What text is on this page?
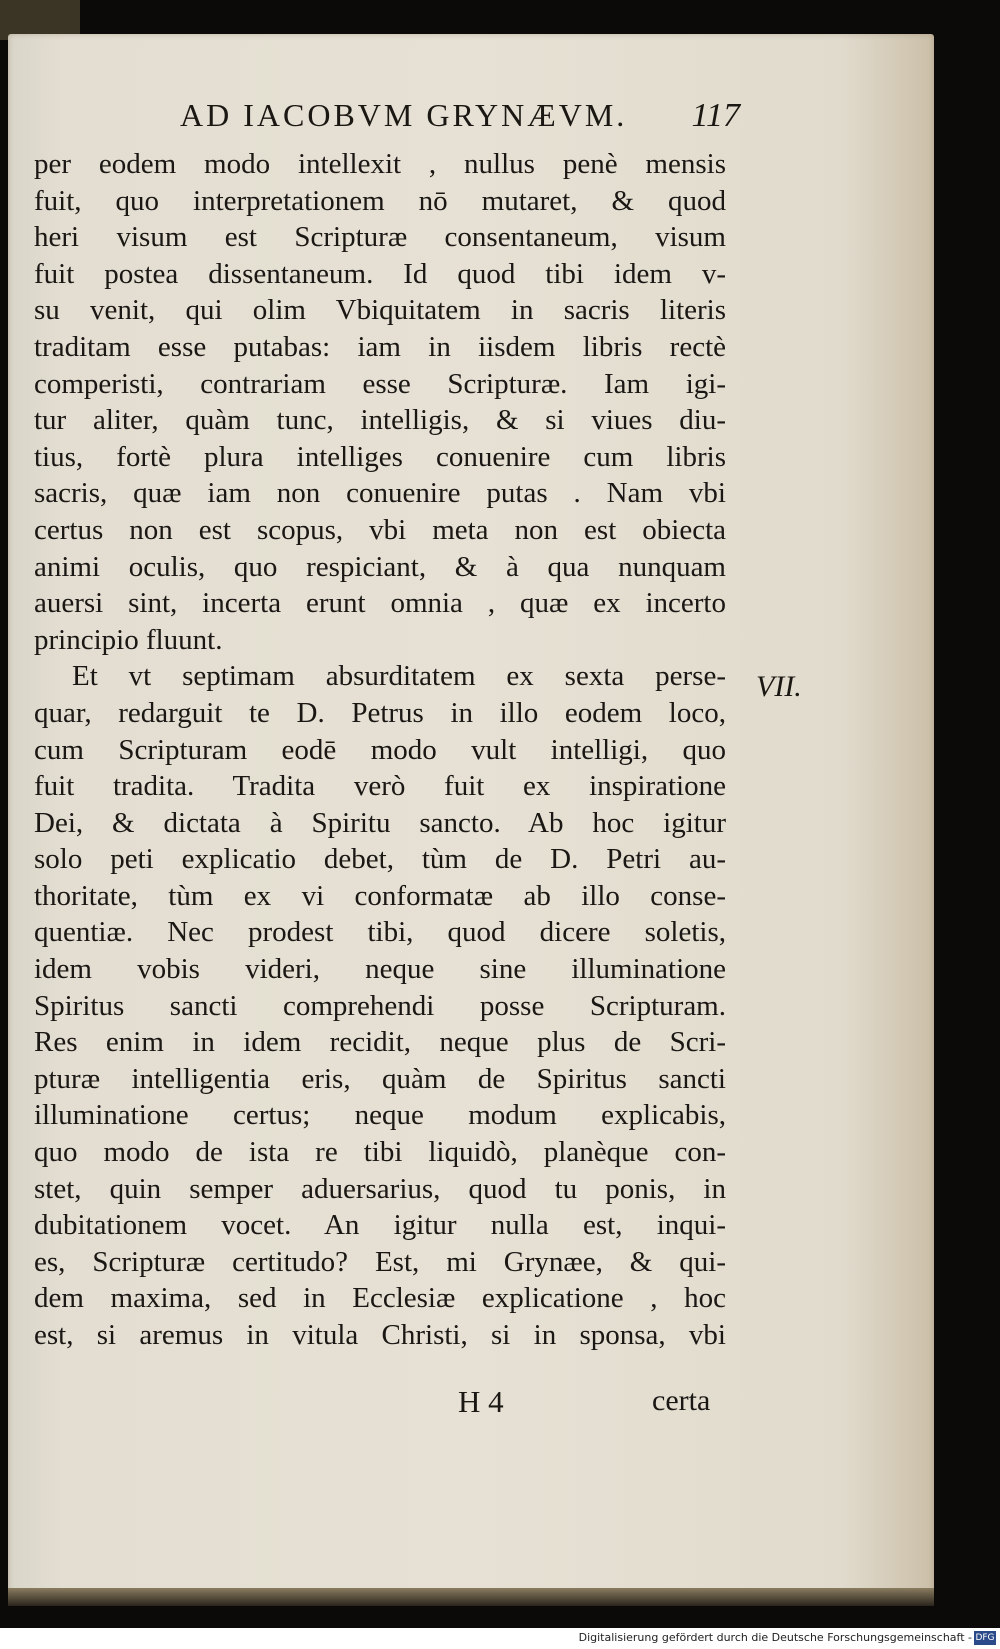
AD IACOBVM GRYNÆVM. 117
per eodem modo intellexit , nullus penè mensis
fuit, quo interpretationem nō mutaret, & quod
heri visum est Scripturæ consentaneum, visum
fuit postea dissentaneum. Id quod tibi idem v-
su venit, qui olim Vbiquitatem in sacris literis
traditam esse putabas: iam in iisdem libris rectè
comperisti, contrariam esse Scripturæ. Iam igi-
tur aliter, quàm tunc, intelligis, & si viues diu-
tius, fortè plura intelliges conuenire cum libris
sacris, quæ iam non conuenire putas . Nam vbi
certus non est scopus, vbi meta non est obiecta
animi oculis, quo respiciant, & à qua nunquam
auersi sint, incerta erunt omnia , quæ ex incerto
principio fluunt.
Et vt septimam absurditatem ex sexta perse-
quar, redarguit te D. Petrus in illo eodem loco,
cum Scripturam eodē modo vult intelligi, quo
fuit tradita. Tradita verò fuit ex inspiratione
Dei, & dictata à Spiritu sancto. Ab hoc igitur
solo peti explicatio debet, tùm de D. Petri au-
thoritate, tùm ex vi conformatæ ab illo conse-
quentiæ. Nec prodest tibi, quod dicere soletis,
idem vobis videri, neque sine illuminatione
Spiritus sancti comprehendi posse Scripturam.
Res enim in idem recidit, neque plus de Scri-
pturæ intelligentia eris, quàm de Spiritus sancti
illuminatione certus; neque modum explicabis,
quo modo de ista re tibi liquidò, planèque con-
stet, quin semper aduersarius, quod tu ponis, in
dubitationem vocet. An igitur nulla est, inqui-
es, Scripturæ certitudo? Est, mi Grynæe, & qui-
dem maxima, sed in Ecclesiæ explicatione , hoc
est, si aremus in vitula Christi, si in sponsa, vbi
VII.
H 4	certa
Digitalisierung gefördert durch die Deutsche Forschungsgemeinschaft - DFG
